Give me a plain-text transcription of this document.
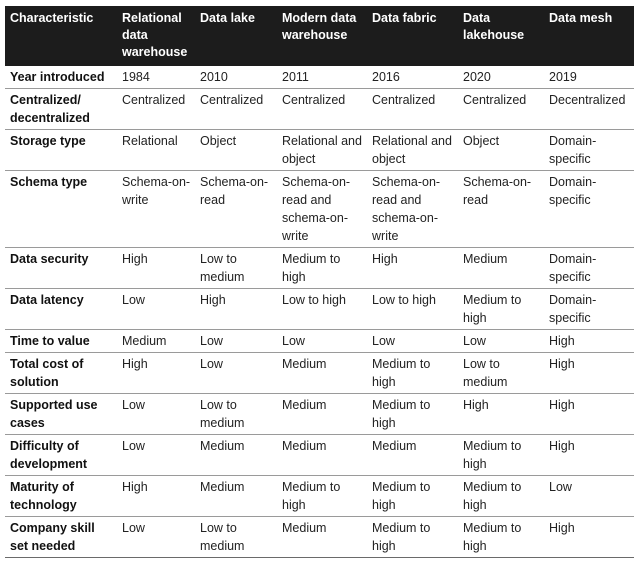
Characteristic	Relational data warehouse	Data lake	Modern data warehouse	Data fabric	Data lakehouse	Data mesh
Year introduced	1984	2010	2011	2016	2020	2019
Centralized/ decentralized	Centralized	Centralized	Centralized	Centralized	Centralized	Decentralized
Storage type	Relational	Object	Relational and object	Relational and object	Object	Domain-specific
Schema type	Schema-on-write	Schema-on-read	Schema-on-read and schema-on-write	Schema-on-read and schema-on-write	Schema-on-read	Domain-specific
Data security	High	Low to medium	Medium to high	High	Medium	Domain-specific
Data latency	Low	High	Low to high	Low to high	Medium to high	Domain-specific
Time to value	Medium	Low	Low	Low	Low	High
Total cost of solution	High	Low	Medium	Medium to high	Low to medium	High
Supported use cases	Low	Low to medium	Medium	Medium to high	High	High
Difficulty of development	Low	Medium	Medium	Medium	Medium to high	High
Maturity of technology	High	Medium	Medium to high	Medium to high	Medium to high	Low
Company skill set needed	Low	Low to medium	Medium	Medium to high	Medium to high	High
